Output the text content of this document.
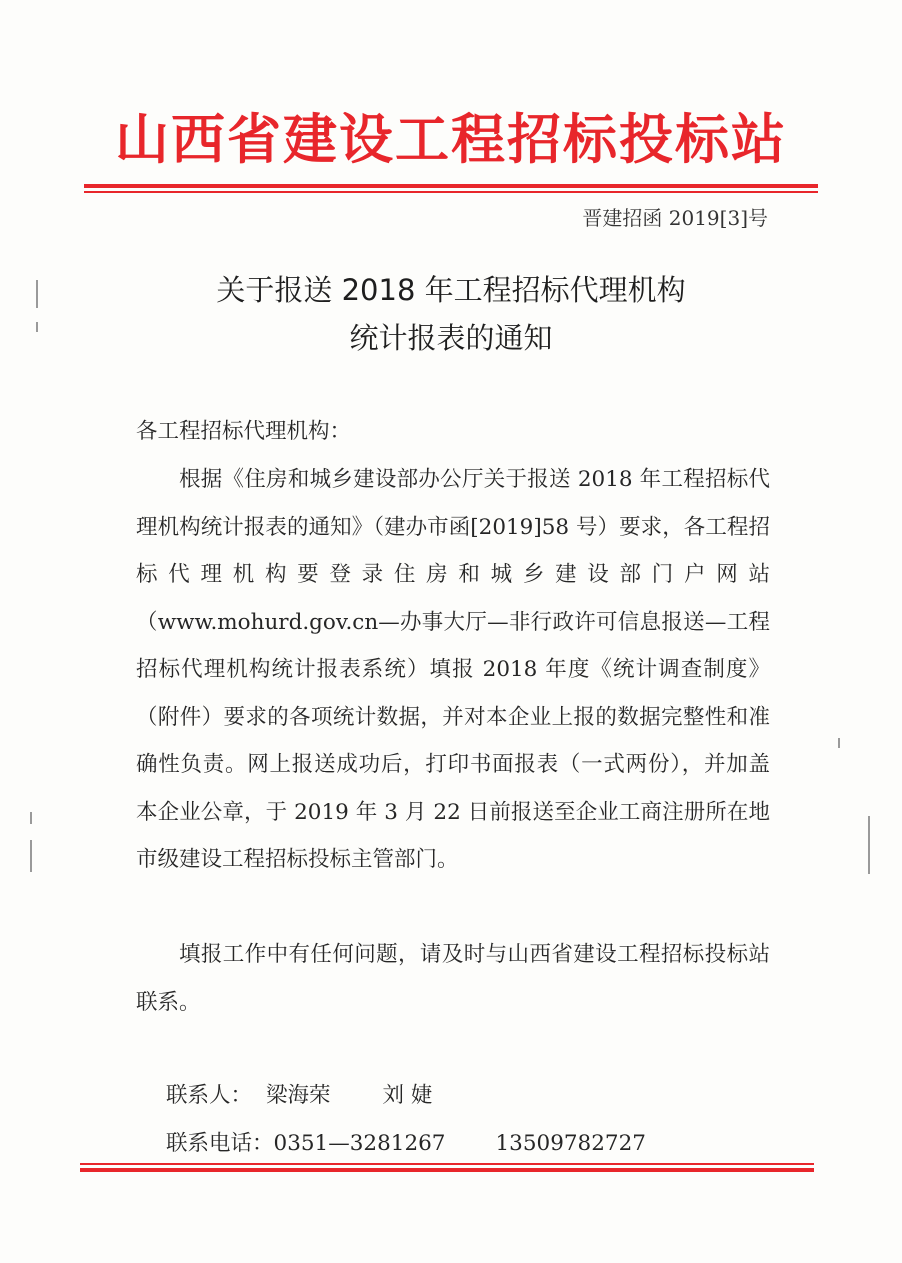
山西省建设工程招标投标站
晋建招函 2019[3]号
关于报送 2018 年工程招标代理机构
统计报表的通知
各工程招标代理机构：
根据《住房和城乡建设部办公厅关于报送 2018 年工程招标代理机构统计报表的通知》（建办市函[2019]58 号）要求，各工程招标代理机构要登录住房和城乡建设部门户网站（www.mohurd.gov.cn—办事大厅—非行政许可信息报送—工程招标代理机构统计报表系统）填报 2018 年度《统计调查制度》（附件）要求的各项统计数据，并对本企业上报的数据完整性和准确性负责。网上报送成功后，打印书面报表（一式两份），并加盖本企业公章，于 2019 年 3 月 22 日前报送至企业工商注册所在地市级建设工程招标投标主管部门。
填报工作中有任何问题，请及时与山西省建设工程招标投标站联系。
联系人： 梁海荣 刘 婕
联系电话：0351—3281267 13509782727
